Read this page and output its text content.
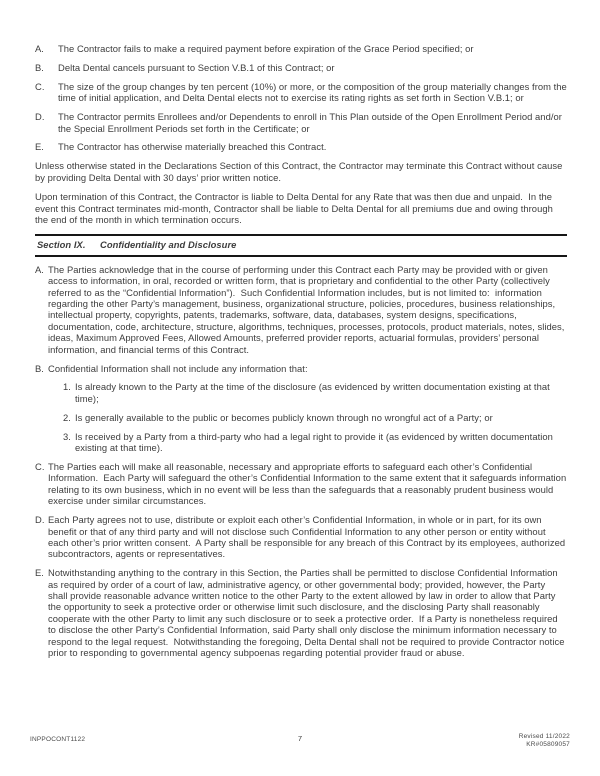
A.	The Contractor fails to make a required payment before expiration of the Grace Period specified; or
B.	Delta Dental cancels pursuant to Section V.B.1 of this Contract; or
C.	The size of the group changes by ten percent (10%) or more, or the composition of the group materially changes from the time of initial application, and Delta Dental elects not to exercise its rating rights as set forth in Section V.B.1; or
D.	The Contractor permits Enrollees and/or Dependents to enroll in This Plan outside of the Open Enrollment Period and/or the Special Enrollment Periods set forth in the Certificate; or
E.	The Contractor has otherwise materially breached this Contract.

Unless otherwise stated in the Declarations Section of this Contract, the Contractor may terminate this Contract without cause by providing Delta Dental with 30 days’ prior written notice.

Upon termination of this Contract, the Contractor is liable to Delta Dental for any Rate that was then due and unpaid.  In the event this Contract terminates mid-month, Contractor shall be liable to Delta Dental for all premiums due and owing through the end of the month in which termination occurs.

Section IX.	Confidentiality and Disclosure
A. The Parties acknowledge that in the course of performing under this Contract each Party may be provided with or given access to information, in oral, recorded or written form, that is proprietary and confidential to the other Party (collectively referred to as the “Confidential Information”).  Such Confidential Information includes, but is not limited to:  information regarding the other Party’s management, business, organizational structure, policies, procedures, business relationships, intellectual property, copyrights, patents, trademarks, software, data, databases, system designs, specifications, documentation, code, architecture, structure, algorithms, techniques, processes, protocols, product materials, notes, slides, ideas, Maximum Approved Fees, Allowed Amounts, preferred provider reports, actuarial formulas, providers’ personal information, and financial terms of this Contract.
B. Confidential Information shall not include any information that:
1. Is already known to the Party at the time of the disclosure (as evidenced by written documentation existing at that time);
2. Is generally available to the public or becomes publicly known through no wrongful act of a Party; or
3. Is received by a Party from a third-party who had a legal right to provide it (as evidenced by written documentation existing at that time).
C. The Parties each will make all reasonable, necessary and appropriate efforts to safeguard each other’s Confidential Information.  Each Party will safeguard the other’s Confidential Information to the same extent that it safeguards information relating to its own business, which in no event will be less than the safeguards that a reasonably prudent business would exercise under similar circumstances.
D. Each Party agrees not to use, distribute or exploit each other’s Confidential Information, in whole or in part, for its own benefit or that of any third party and will not disclose such Confidential Information to any other person or entity without each other’s prior written consent.  A Party shall be responsible for any breach of this Contract by its employees, authorized subcontractors, agents or representatives.
E. Notwithstanding anything to the contrary in this Section, the Parties shall be permitted to disclose Confidential Information as required by order of a court of law, administrative agency, or other governmental body; provided, however, the Party shall provide reasonable advance written notice to the other Party to the extent allowed by law in order to allow that Party the opportunity to seek a protective order or otherwise limit such disclosure, and the disclosing Party shall reasonably cooperate with the other Party to limit any such disclosure or to seek a protective order.  If a Party is nonetheless required to disclose the other Party’s Confidential Information, said Party shall only disclose the minimum information necessary to respond to the legal request.  Notwithstanding the foregoing, Delta Dental shall not be required to provide Contractor notice prior to responding to governmental agency subpoenas regarding potential provider fraud or abuse.
INPPOCONT1122	7	Revised 11/2022
KR#05809057
